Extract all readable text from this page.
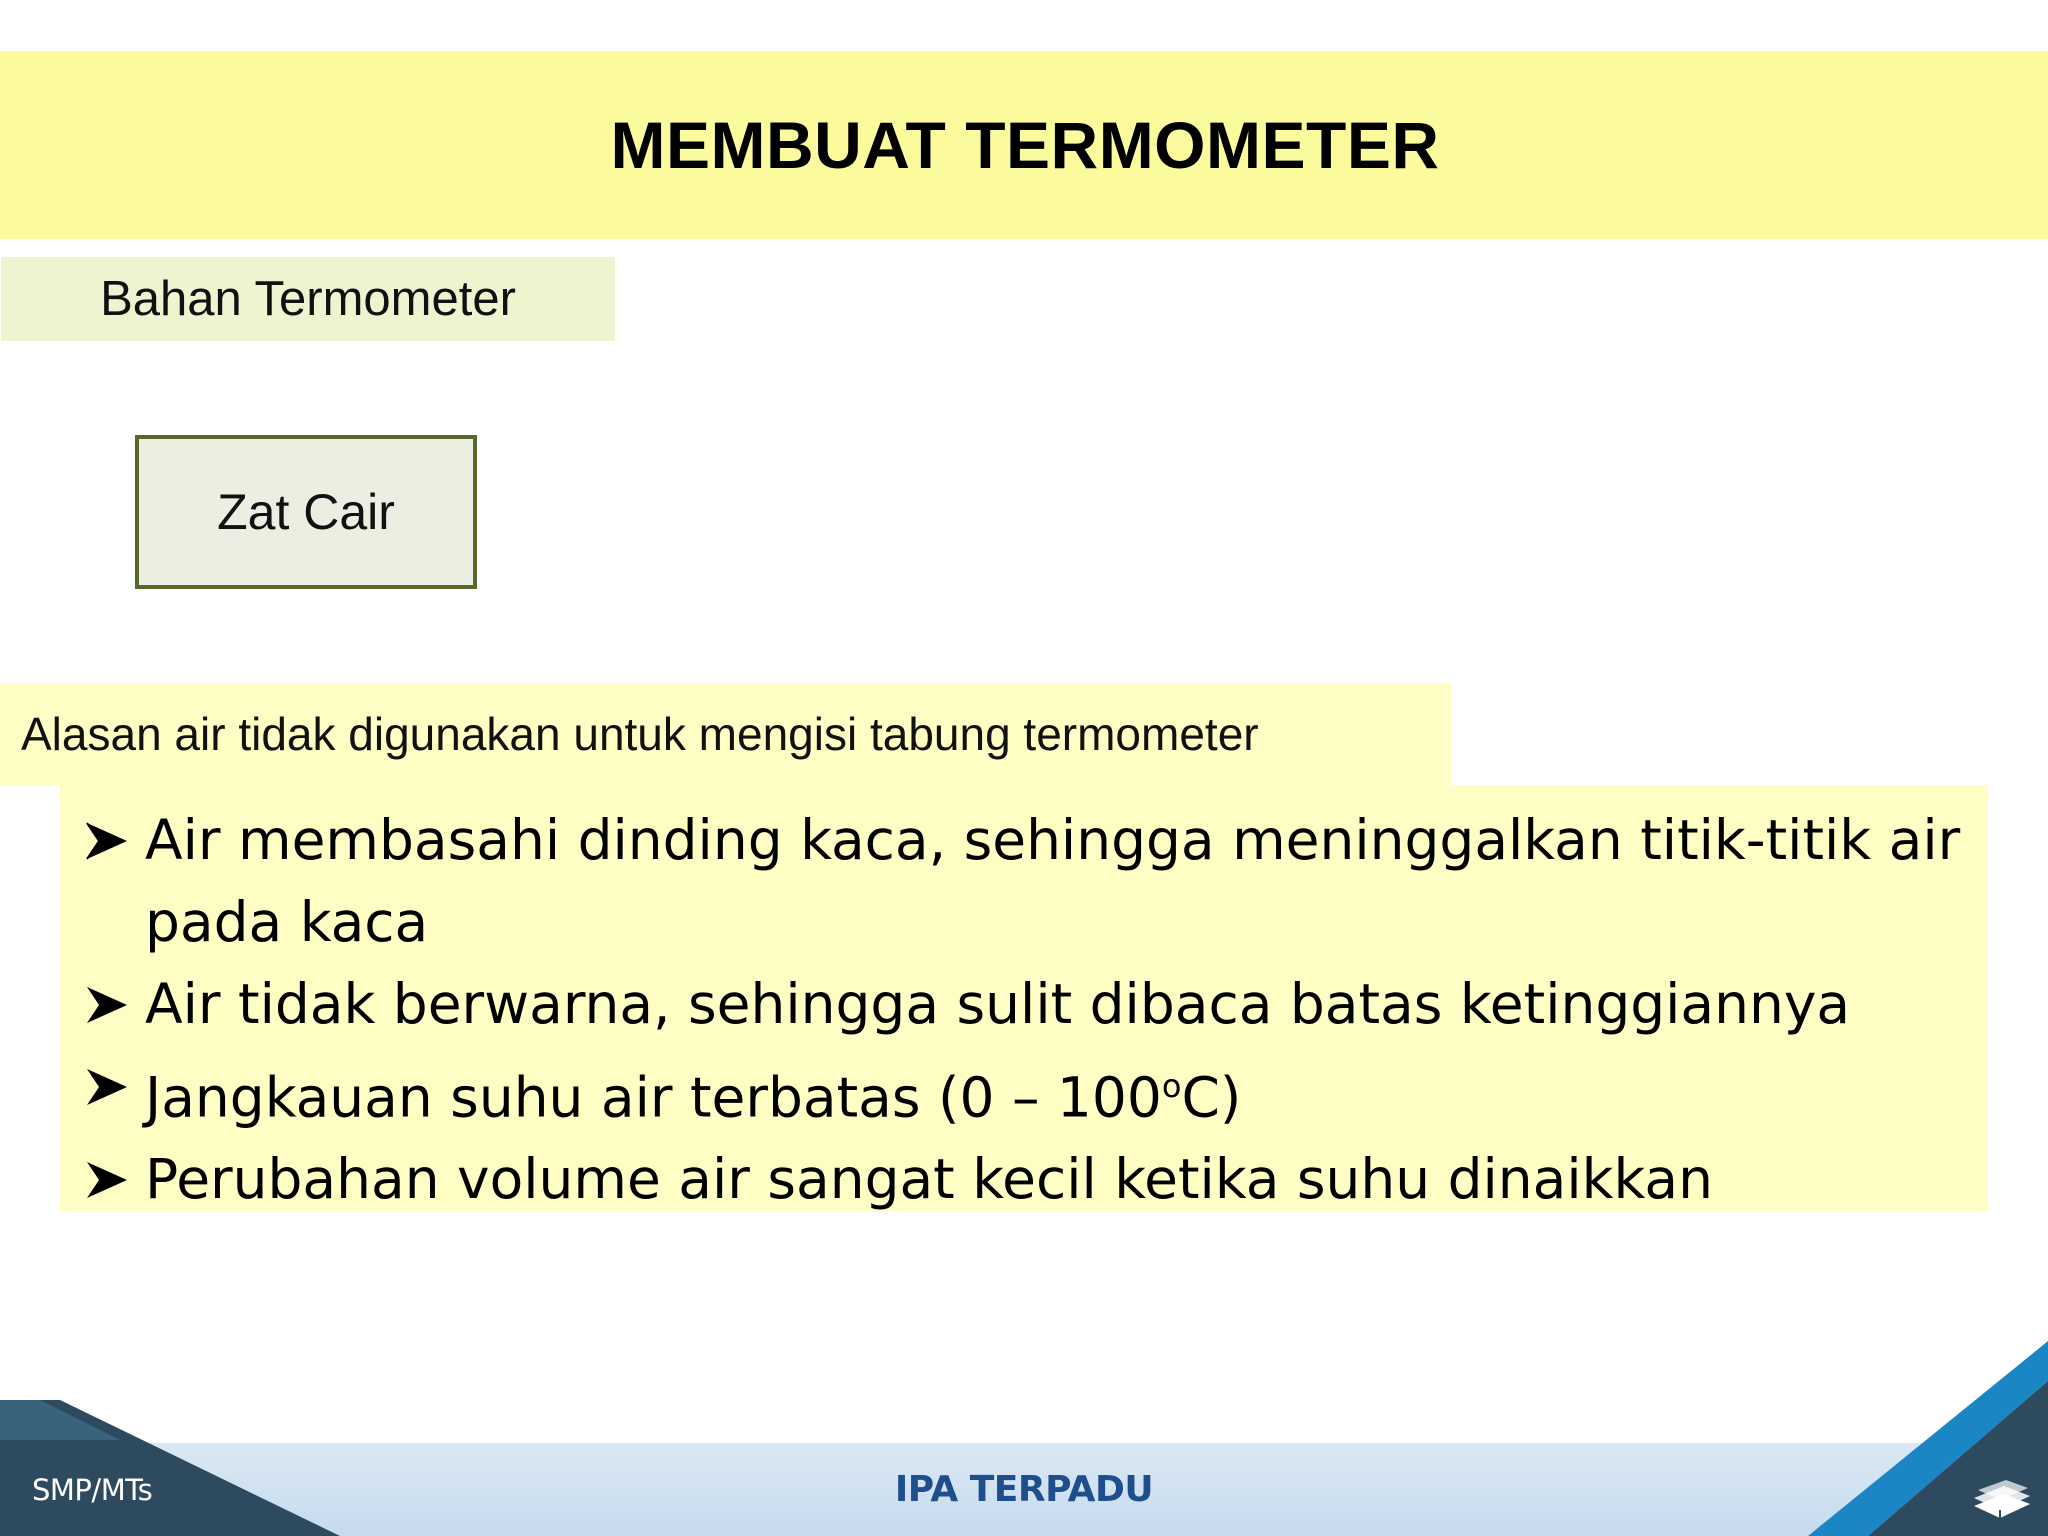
MEMBUAT TERMOMETER
Bahan Termometer
Zat Cair
Alasan air tidak digunakan untuk mengisi tabung termometer
Air membasahi dinding kaca, sehingga meninggalkan titik-titik air
pada kaca
Air tidak berwarna, sehingga sulit dibaca batas ketinggiannya
Jangkauan suhu air terbatas (0 – 100$^o$C)
Perubahan volume air sangat kecil ketika suhu dinaikkan
SMP/MTs	IPA TERPADU
